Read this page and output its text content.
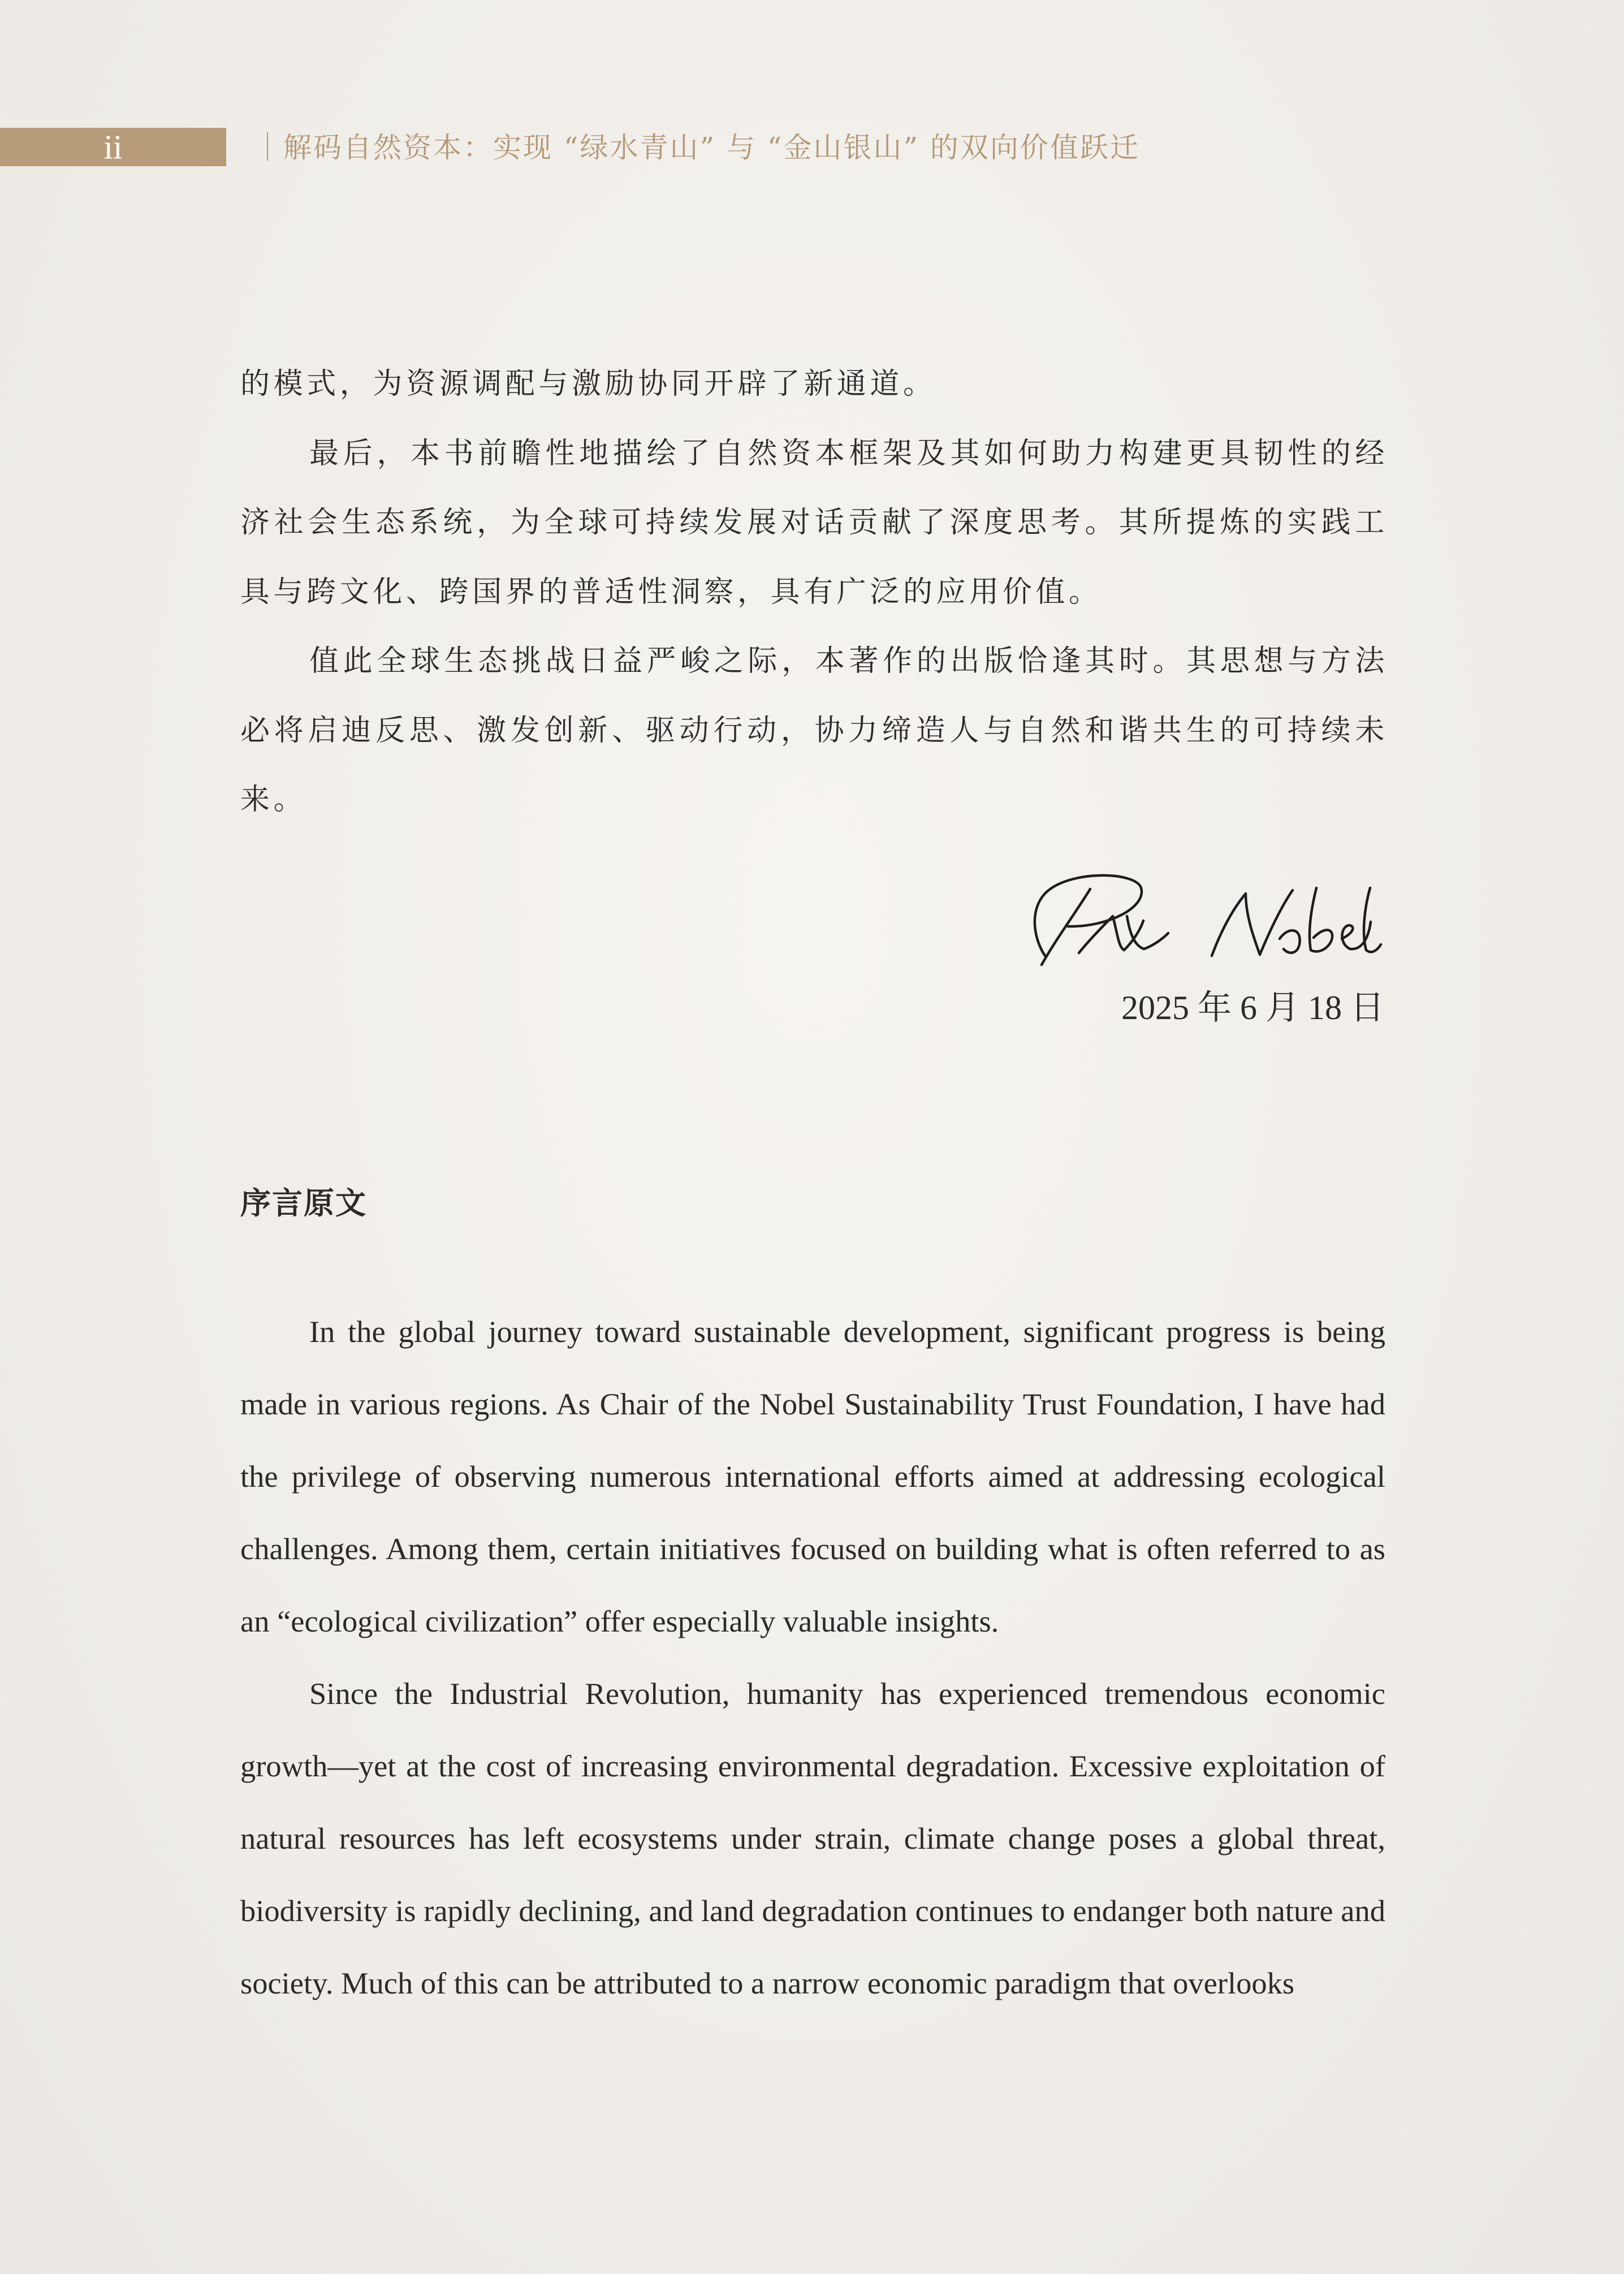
ii	｜解码自然资本：实现 “绿水青山” 与 “金山银山” 的双向价值跃迁

的模式，为资源调配与激励协同开辟了新通道。

最后，本书前瞻性地描绘了自然资本框架及其如何助力构建更具韧性的经济社会生态系统，为全球可持续发展对话贡献了深度思考。其所提炼的实践工具与跨文化、跨国界的普适性洞察，具有广泛的应用价值。

值此全球生态挑战日益严峻之际，本著作的出版恰逢其时。其思想与方法必将启迪反思、激发创新、驱动行动，协力缔造人与自然和谐共生的可持续未来。

2025 年 6 月 18 日
序言原文

In the global journey toward sustainable development, significant progress is being made in various regions. As Chair of the Nobel Sustainability Trust Foundation, I have had the privilege of observing numerous international efforts aimed at addressing ecological challenges. Among them, certain initiatives focused on building what is often referred to as an “ecological civilization” offer especially valuable insights.

Since the Industrial Revolution, humanity has experienced tremendous economic growth—yet at the cost of increasing environmental degradation. Excessive exploitation of natural resources has left ecosystems under strain, climate change poses a global threat, biodiversity is rapidly declining, and land degradation continues to endanger both nature and society. Much of this can be attributed to a narrow economic paradigm that overlooks
